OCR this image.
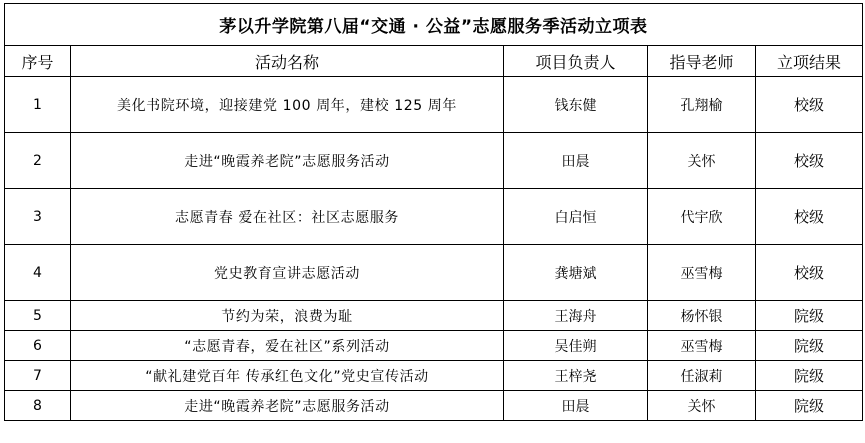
茅以升学院第八届“交通 · 公益”志愿服务季活动立项表				
序号	活动名称	项目负责人	指导老师	立项结果
1	美化书院环境，迎接建党 100 周年，建校 125 周年	钱东健	孔翔榆	校级
2	走进“晚霞养老院”志愿服务活动	田晨	关怀	校级
3	志愿青春 爱在社区：社区志愿服务	白启恒	代宇欣	校级
4	党史教育宣讲志愿活动	龚塘斌	巫雪梅	校级
5	节约为荣，浪费为耻	王海舟	杨怀银	院级
6	“志愿青春，爱在社区”系列活动	吴佳朔	巫雪梅	院级
7	“献礼建党百年 传承红色文化”党史宣传活动	王梓尧	任淑莉	院级
8	走进“晚霞养老院”志愿服务活动	田晨	关怀	院级
